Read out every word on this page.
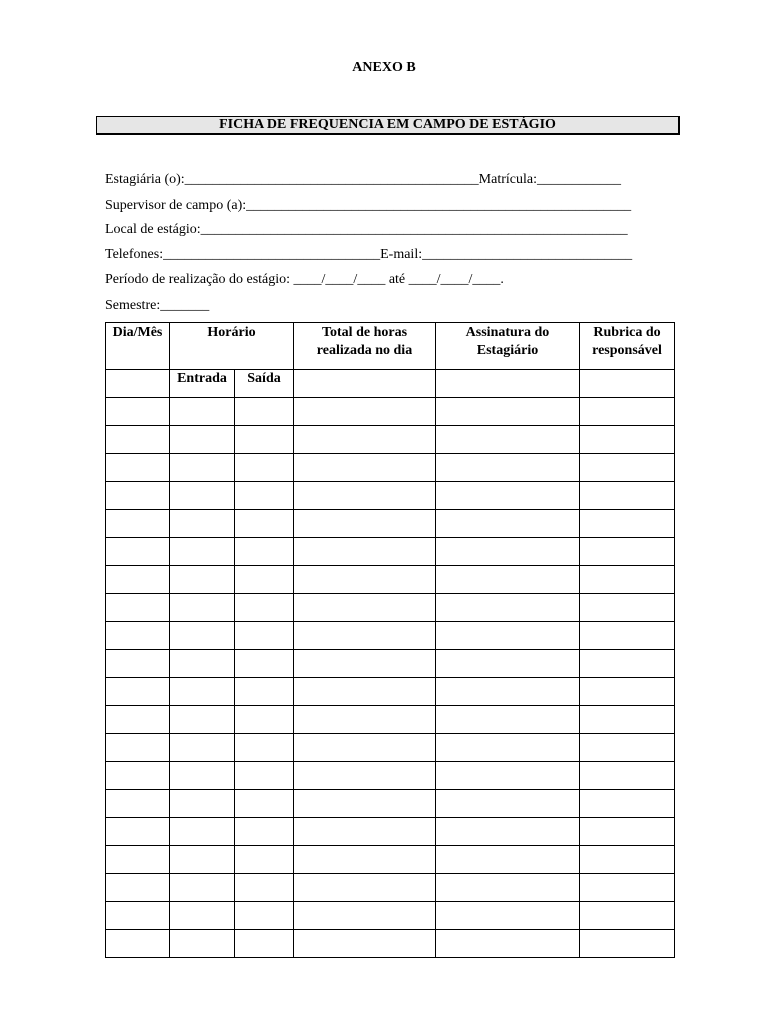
ANEXO B
FICHA DE FREQUENCIA EM CAMPO DE ESTÁGIO
Estagiária (o):__________________________________________Matrícula:____________
Supervisor de campo (a):_______________________________________________________
Local de estágio:_____________________________________________________________
Telefones:_______________________________E-mail:______________________________
Período de realização do estágio: ____/____/____ até ____/____/____.
Semestre:_______
Dia/Mês	Horário		Total de horas realizada no dia	Assinatura do Estagiário	Rubrica do responsável
	Entrada	Saída			
